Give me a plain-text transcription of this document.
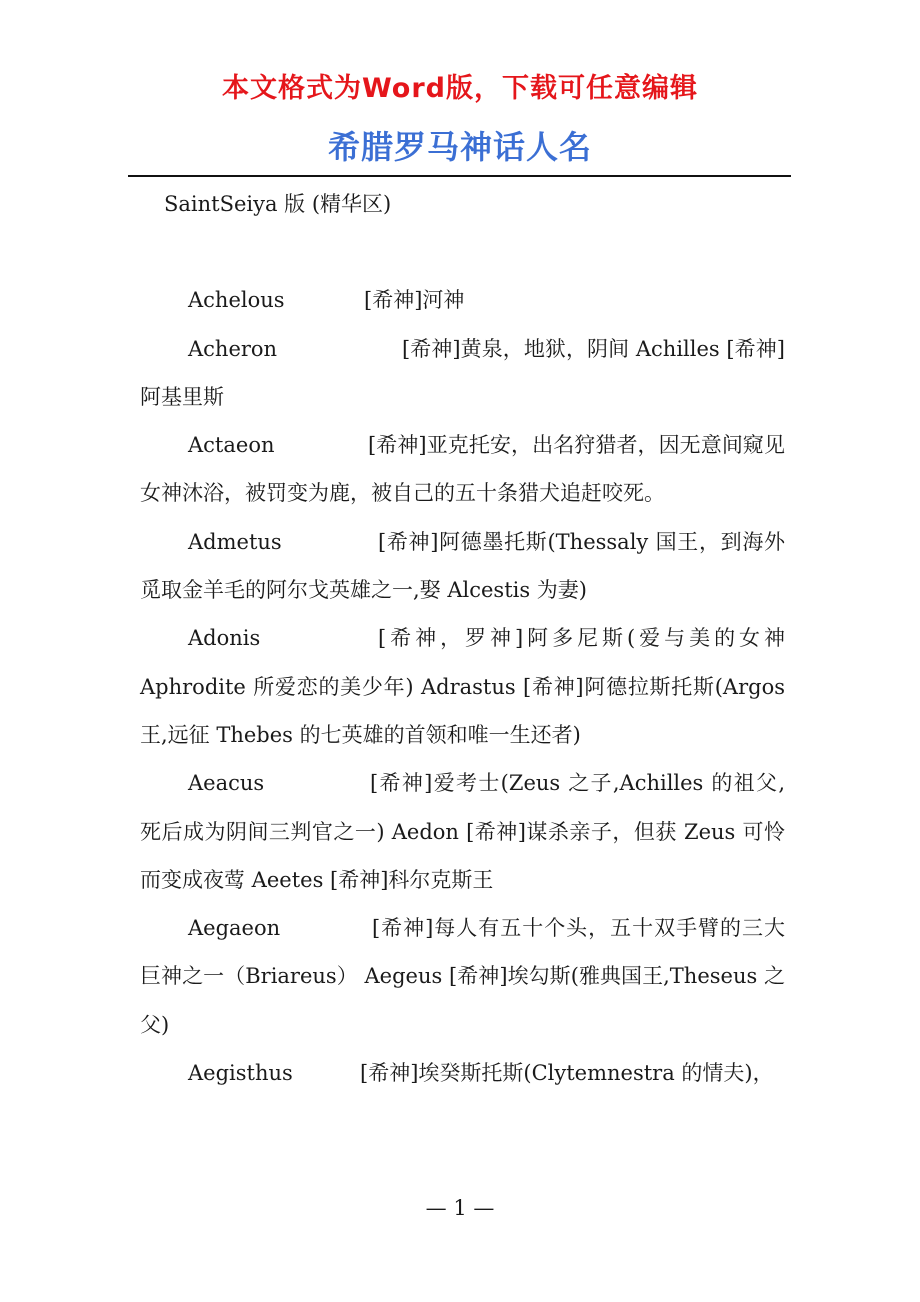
本文格式为Word版，下载可任意编辑
希腊罗马神话人名

SaintSeiya 版 (精华区)

Achelous	[希神]河神

Acheron	[希神]黄泉，地狱，阴间 Achilles [希神]阿基里斯

Actaeon	[希神]亚克托安，出名狩猎者，因无意间窥见女神沐浴，被罚变为鹿，被自己的五十条猎犬追赶咬死。

Admetus	[希神]阿德墨托斯(Thessaly 国王，到海外觅取金羊毛的阿尔戈英雄之一,娶 Alcestis 为妻)

Adonis	[希神，罗神]阿多尼斯(爱与美的女神 Aphrodite 所爱恋的美少年) Adrastus [希神]阿德拉斯托斯(Argos 王,远征 Thebes 的七英雄的首领和唯一生还者)

Aeacus	[希神]爱考士(Zeus 之子,Achilles 的祖父,死后成为阴间三判官之一) Aedon [希神]谋杀亲子，但获 Zeus 可怜而变成夜莺 Aeetes [希神]科尔克斯王

Aegaeon	[希神]每人有五十个头，五十双手臂的三大巨神之一（Briareus） Aegeus [希神]埃勾斯(雅典国王,Theseus 之父)

Aegisthus	[希神]埃癸斯托斯(Clytemnestra 的情夫)，

— 1 —
